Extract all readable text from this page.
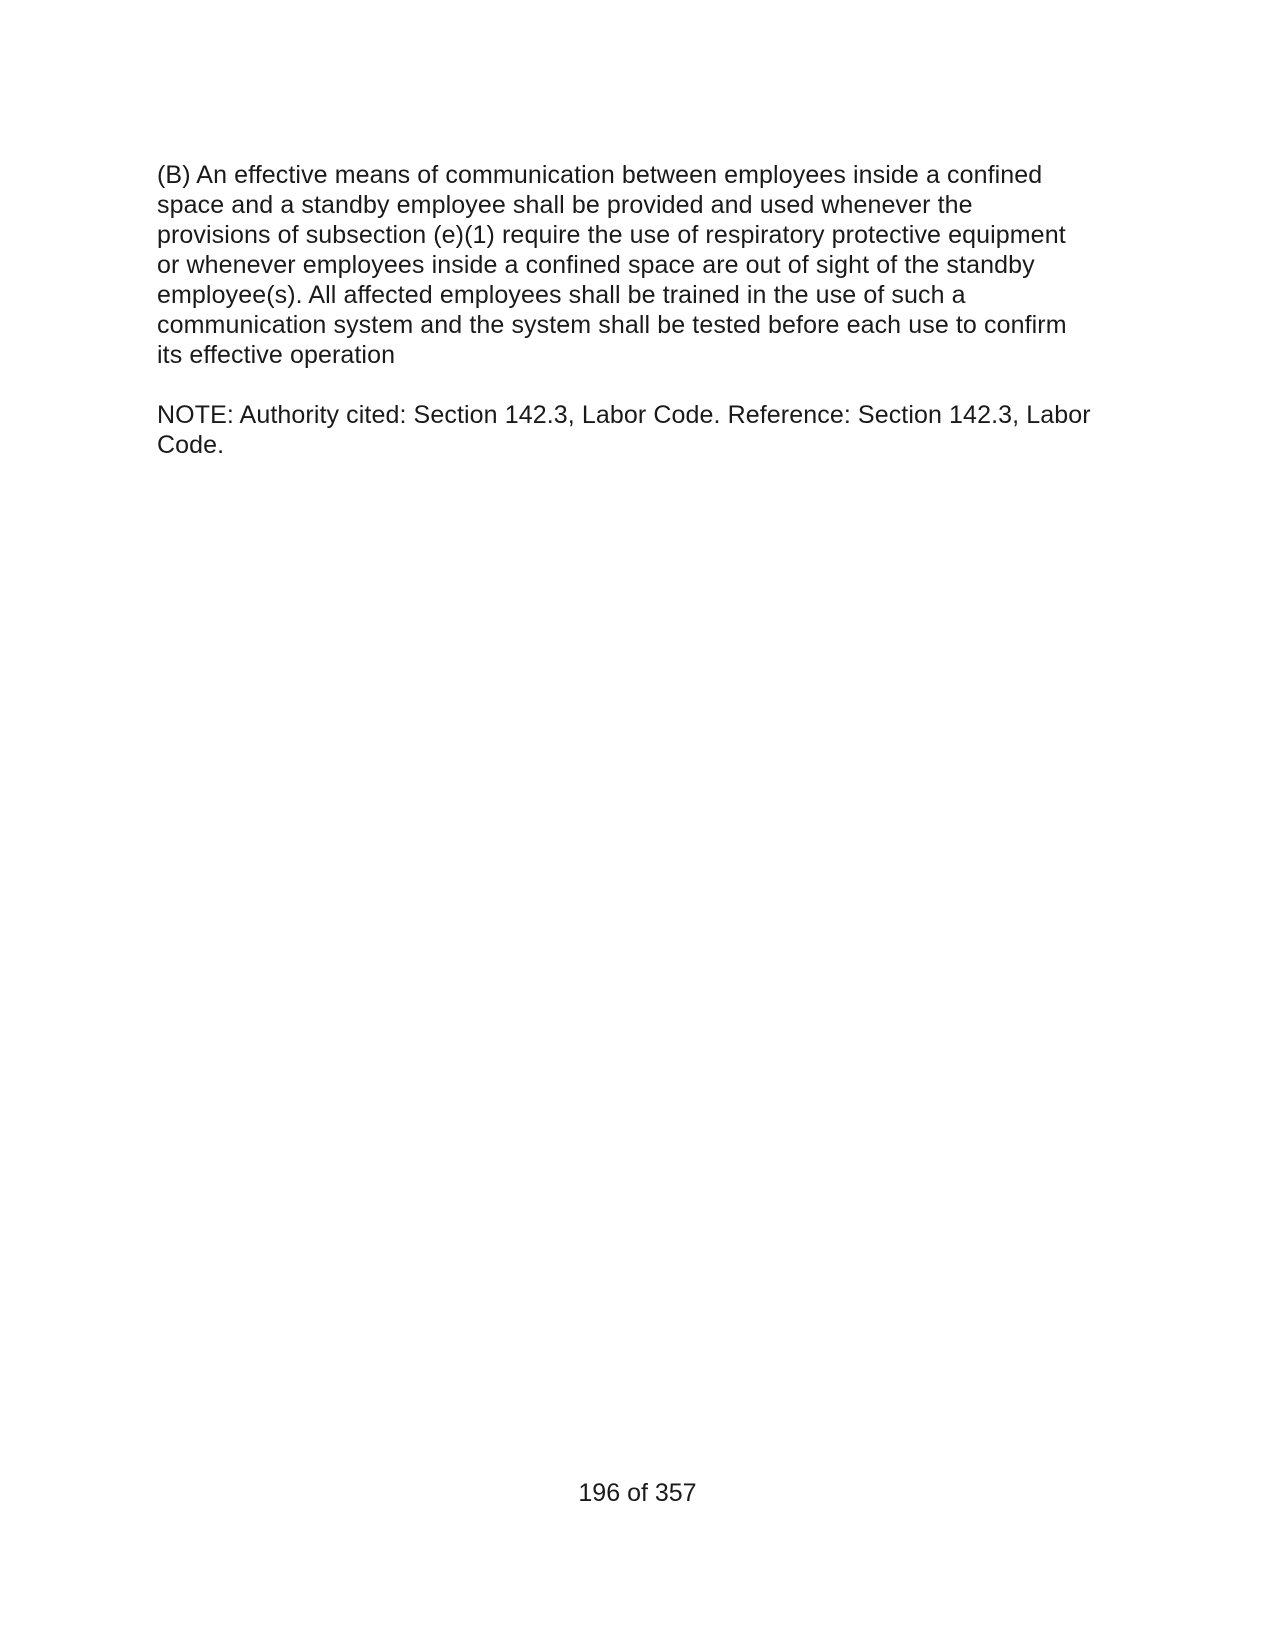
(B) An effective means of communication between employees inside a confined
space and a standby employee shall be provided and used whenever the
provisions of subsection (e)(1) require the use of respiratory protective equipment
or whenever employees inside a confined space are out of sight of the standby
employee(s). All affected employees shall be trained in the use of such a
communication system and the system shall be tested before each use to confirm
its effective operation

NOTE: Authority cited: Section 142.3, Labor Code. Reference: Section 142.3, Labor
Code.

196 of 357
